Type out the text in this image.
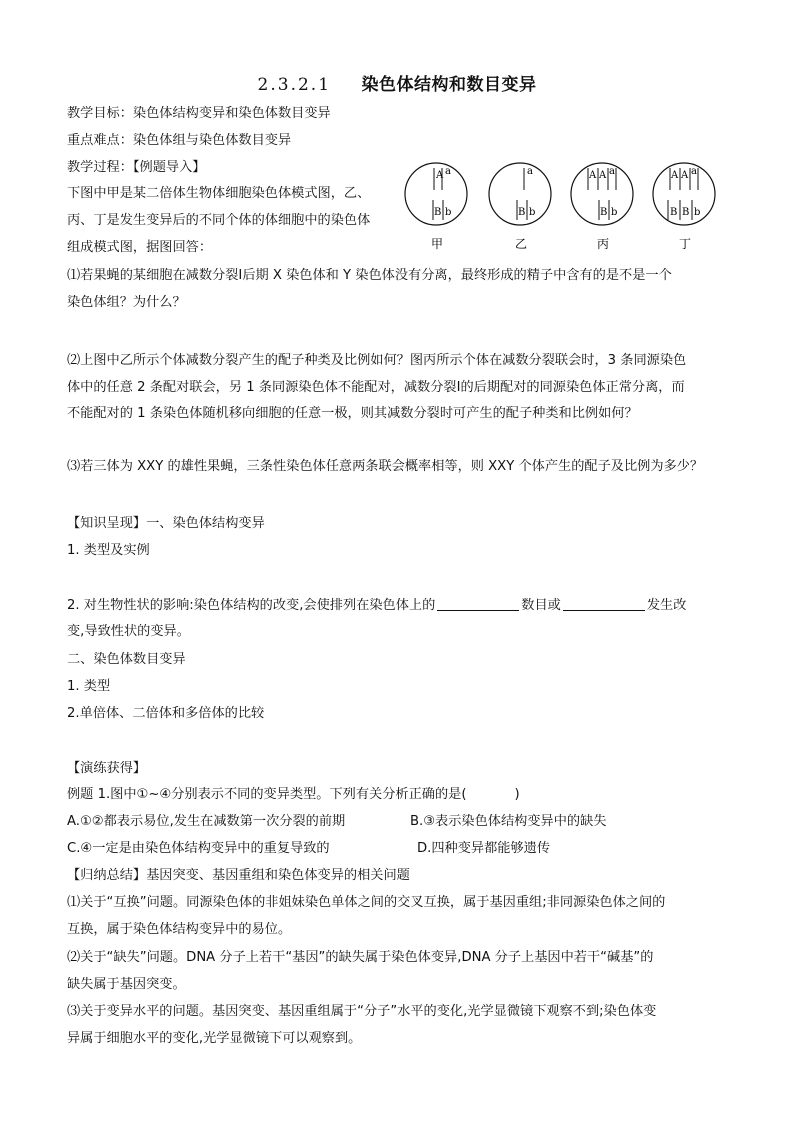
2.3.2.1 染色体结构和数目变异
教学目标：染色体结构变异和染色体数目变异
重点难点：染色体组与染色体数目变异
教学过程：【例题导入】
下图中甲是某二倍体生物体细胞染色体模式图，乙、
丙、丁是发生变异后的不同个体的体细胞中的染色体
组成模式图，据图回答：
A a
B b
甲
a
B b
乙
A A a
B b
丙
A A a
B B b
丁
⑴若果蝇的某细胞在减数分裂Ⅰ后期 X 染色体和 Y 染色体没有分离，最终形成的精子中含有的是不是一个
染色体组？为什么？
⑵上图中乙所示个体减数分裂产生的配子种类及比例如何？图丙所示个体在减数分裂联会时，3 条同源染色
体中的任意 2 条配对联会，另 1 条同源染色体不能配对，减数分裂Ⅰ的后期配对的同源染色体正常分离，而
不能配对的 1 条染色体随机移向细胞的任意一极，则其减数分裂时可产生的配子种类和比例如何？
⑶若三体为 XXY 的雄性果蝇，三条性染色体任意两条联会概率相等，则 XXY 个体产生的配子及比例为多少？
【知识呈现】一、染色体结构变异
1. 类型及实例
2. 对生物性状的影响:染色体结构的改变,会使排列在染色体上的	数目或	发生改
变,导致性状的变异。
二、染色体数目变异
1. 类型
2.单倍体、二倍体和多倍体的比较
【演练获得】
例题 1.图中①~④分别表示不同的变异类型。下列有关分析正确的是(	)
A.①②都表示易位,发生在减数第一次分裂的前期	B.③表示染色体结构变异中的缺失
C.④一定是由染色体结构变异中的重复导致的	D.四种变异都能够遗传
【归纳总结】基因突变、基因重组和染色体变异的相关问题
⑴关于“互换”问题。同源染色体的非姐妹染色单体之间的交叉互换，属于基因重组;非同源染色体之间的
互换，属于染色体结构变异中的易位。
⑵关于“缺失”问题。DNA 分子上若干“基因”的缺失属于染色体变异,DNA 分子上基因中若干“碱基”的
缺失属于基因突变。
⑶关于变异水平的问题。基因突变、基因重组属于“分子”水平的变化,光学显微镜下观察不到;染色体变
异属于细胞水平的变化,光学显微镜下可以观察到。
